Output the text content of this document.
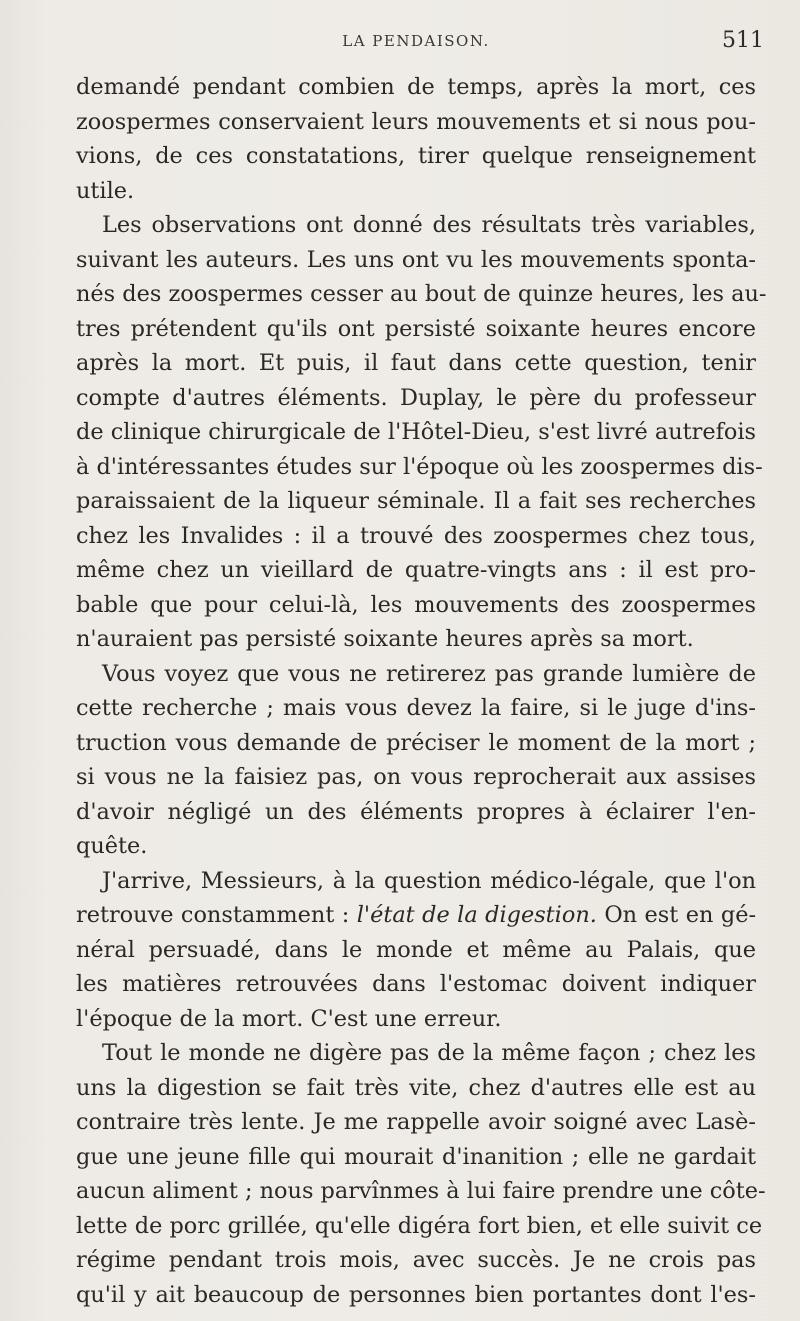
LA PENDAISON.	511
demandé pendant combien de temps, après la mort, ces
zoospermes conservaient leurs mouvements et si nous pou-
vions, de ces constatations, tirer quelque renseignement
utile.
Les observations ont donné des résultats très variables,
suivant les auteurs. Les uns ont vu les mouvements sponta-
nés des zoospermes cesser au bout de quinze heures, les au-
tres prétendent qu'ils ont persisté soixante heures encore
après la mort. Et puis, il faut dans cette question, tenir
compte d'autres éléments. Duplay, le père du professeur
de clinique chirurgicale de l'Hôtel-Dieu, s'est livré autrefois
à d'intéressantes études sur l'époque où les zoospermes dis-
paraissaient de la liqueur séminale. Il a fait ses recherches
chez les Invalides : il a trouvé des zoospermes chez tous,
même chez un vieillard de quatre-vingts ans : il est pro-
bable que pour celui-là, les mouvements des zoospermes
n'auraient pas persisté soixante heures après sa mort.
Vous voyez que vous ne retirerez pas grande lumière de
cette recherche ; mais vous devez la faire, si le juge d'ins-
truction vous demande de préciser le moment de la mort ;
si vous ne la faisiez pas, on vous reprocherait aux assises
d'avoir négligé un des éléments propres à éclairer l'en-
quête.
J'arrive, Messieurs, à la question médico-légale, que l'on
retrouve constamment : l'état de la digestion. On est en gé-
néral persuadé, dans le monde et même au Palais, que
les matières retrouvées dans l'estomac doivent indiquer
l'époque de la mort. C'est une erreur.
Tout le monde ne digère pas de la même façon ; chez les
uns la digestion se fait très vite, chez d'autres elle est au
contraire très lente. Je me rappelle avoir soigné avec Lasè-
gue une jeune fille qui mourait d'inanition ; elle ne gardait
aucun aliment ; nous parvînmes à lui faire prendre une côte-
lette de porc grillée, qu'elle digéra fort bien, et elle suivit ce
régime pendant trois mois, avec succès. Je ne crois pas
qu'il y ait beaucoup de personnes bien portantes dont l'es-
